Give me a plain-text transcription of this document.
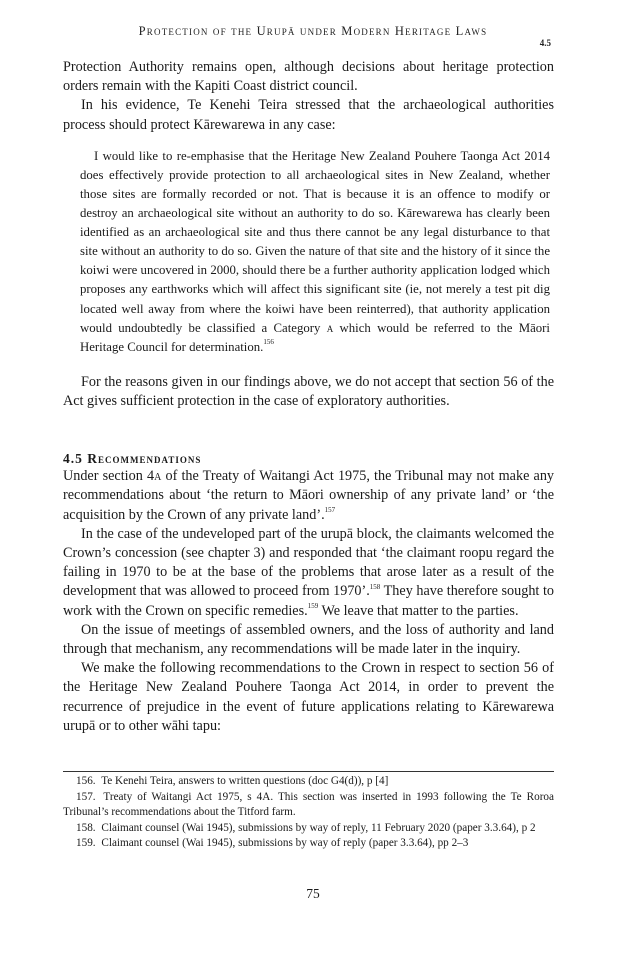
Protection of the Urupā under Modern Heritage Laws
4.5

Protection Authority remains open, although decisions about heritage protection orders remain with the Kapiti Coast district council.

In his evidence, Te Kenehi Teira stressed that the archaeological authorities process should protect Kārewarewa in any case:

I would like to re-emphasise that the Heritage New Zealand Pouhere Taonga Act 2014 does effectively provide protection to all archaeological sites in New Zealand, whether those sites are formally recorded or not. That is because it is an offence to modify or destroy an archaeological site without an authority to do so. Kārewarewa has clearly been identified as an archaeological site and thus there cannot be any legal disturbance to that site without an authority to do so. Given the nature of that site and the history of it since the koiwi were uncovered in 2000, should there be a further authority application lodged which proposes any earthworks which will affect this significant site (ie, not merely a test pit dig located well away from where the koiwi have been reinterred), that authority application would undoubtedly be classified a Category a which would be referred to the Māori Heritage Council for determination.$^{156}$

For the reasons given in our findings above, we do not accept that section 56 of the Act gives sufficient protection in the case of exploratory authorities.

4.5 Recommendations

Under section 4a of the Treaty of Waitangi Act 1975, the Tribunal may not make any recommendations about ‘the return to Māori ownership of any private land’ or ‘the acquisition by the Crown of any private land’.$^{157}$

In the case of the undeveloped part of the urupā block, the claimants welcomed the Crown’s concession (see chapter 3) and responded that ‘the claimant roopu regard the failing in 1970 to be at the base of the problems that arose later as a result of the development that was allowed to proceed from 1970’.$^{158}$ They have therefore sought to work with the Crown on specific remedies.$^{159}$ We leave that matter to the parties.

On the issue of meetings of assembled owners, and the loss of authority and land through that mechanism, any recommendations will be made later in the inquiry.

We make the following recommendations to the Crown in respect to section 56 of the Heritage New Zealand Pouhere Taonga Act 2014, in order to prevent the recurrence of prejudice in the event of future applications relating to Kārewarewa urupā or to other wāhi tapu:

156. Te Kenehi Teira, answers to written questions (doc G4(d)), p [4]
157. Treaty of Waitangi Act 1975, s 4A. This section was inserted in 1993 following the Te Roroa Tribunal’s recommendations about the Titford farm.
158. Claimant counsel (Wai 1945), submissions by way of reply, 11 February 2020 (paper 3.3.64), p 2
159. Claimant counsel (Wai 1945), submissions by way of reply (paper 3.3.64), pp 2–3
75
